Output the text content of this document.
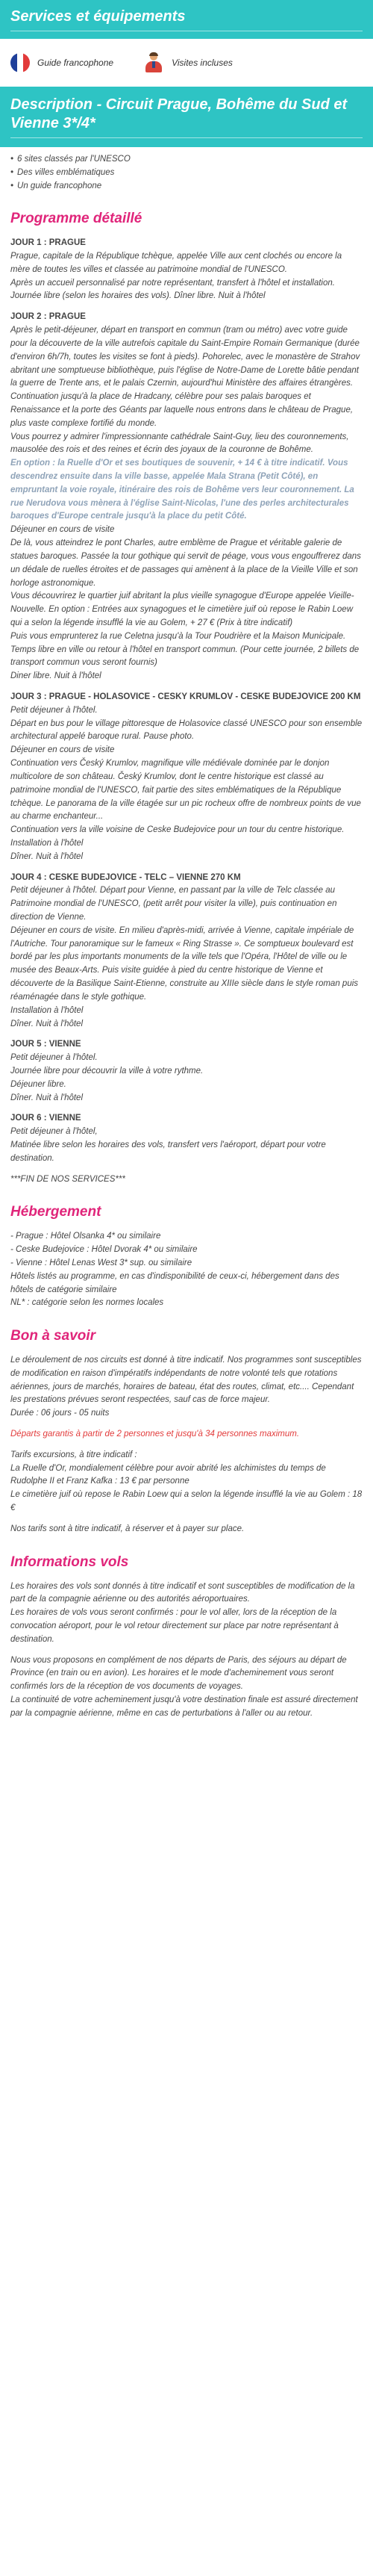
Services et équipements
Guide francophone	Visites incluses
Description - Circuit Prague, Bohême du Sud et Vienne 3*/4*
• 6 sites classés par l'UNESCO
• Des villes emblématiques
• Un guide francophone
Programme détaillé
JOUR 1 : PRAGUE
Prague, capitale de la République tchèque, appelée Ville aux cent clochés ou encore la mère de toutes les villes et classée au patrimoine mondial de l'UNESCO.
Après un accueil personnalisé par notre représentant, transfert à l'hôtel et installation. Journée libre (selon les horaires des vols). Dîner libre. Nuit à l'hôtel
JOUR 2 : PRAGUE
Après le petit-déjeuner, départ en transport en commun (tram ou métro) avec votre guide pour la découverte de la ville autrefois capitale du Saint-Empire Romain Germanique (durée d'environ 6h/7h, toutes les visites se font à pieds). Pohorelec, avec le monastère de Strahov abritant une somptueuse bibliothèque, puis l'église de Notre-Dame de Lorette bâtie pendant la guerre de Trente ans, et le palais Czernin, aujourd'hui Ministère des affaires étrangères. Continuation jusqu'à la place de Hradcany, célèbre pour ses palais baroques et Renaissance et la porte des Géants par laquelle nous entrons dans le château de Prague, plus vaste complexe fortifié du monde.
Vous pourrez y admirer l'impressionnante cathédrale Saint-Guy, lieu des couronnements, mausolée des rois et des reines et écrin des joyaux de la couronne de Bohême.
En option : la Ruelle d'Or et ses boutiques de souvenir, + 14 € à titre indicatif. Vous descendrez ensuite dans la ville basse, appelée Mala Strana (Petit Côté), en empruntant la voie royale, itinéraire des rois de Bohême vers leur couronnement. La rue Nerudova vous mènera à l'église Saint-Nicolas, l'une des perles architecturales baroques d'Europe centrale jusqu'à la place du petit Côté.
Déjeuner en cours de visite
De là, vous atteindrez le pont Charles, autre emblème de Prague et véritable galerie de statues baroques. Passée la tour gothique qui servit de péage, vous vous engouffrerez dans un dédale de ruelles étroites et de passages qui amènent à la place de la Vieille Ville et son horloge astronomique.
Vous découvrirez le quartier juif abritant la plus vieille synagogue d'Europe appelée Vieille-Nouvelle. En option : Entrées aux synagogues et le cimetière juif où repose le Rabin Loew qui a selon la légende insufflé la vie au Golem, + 27 € (Prix à titre indicatif)
Puis vous emprunterez la rue Celetna jusqu'à la Tour Poudrière et la Maison Municipale. Temps libre en ville ou retour à l'hôtel en transport commun. (Pour cette journée, 2 billets de transport commun vous seront fournis)
Diner libre. Nuit à l'hôtel
JOUR 3 : PRAGUE - HOLASOVICE - CESKY KRUMLOV - CESKE BUDEJOVICE 200 KM
Petit déjeuner à l'hôtel.
Départ en bus pour le village pittoresque de Holasovice classé UNESCO pour son ensemble architectural appelé baroque rural. Pause photo.
Déjeuner en cours de visite
Continuation vers Český Krumlov, magnifique ville médiévale dominée par le donjon multicolore de son château. Český Krumlov, dont le centre historique est classé au patrimoine mondial de l'UNESCO, fait partie des sites emblématiques de la République tchèque. Le panorama de la ville étagée sur un pic rocheux offre de nombreux points de vue au charme enchanteur...
Continuation vers la ville voisine de Ceske Budejovice pour un tour du centre historique.
Installation à l'hôtel
Dîner. Nuit à l'hôtel
JOUR 4 : CESKE BUDEJOVICE - TELC – VIENNE 270 KM
Petit déjeuner à l'hôtel. Départ pour Vienne, en passant par la ville de Telc classée au Patrimoine mondial de l'UNESCO, (petit arrêt pour visiter la ville), puis continuation en direction de Vienne.
Déjeuner en cours de visite. En milieu d'après-midi, arrivée à Vienne, capitale impériale de l'Autriche. Tour panoramique sur le fameux « Ring Strasse ». Ce somptueux boulevard est bordé par les plus importants monuments de la ville tels que l'Opéra, l'Hôtel de ville ou le musée des Beaux-Arts. Puis visite guidée à pied du centre historique de Vienne et découverte de la Basilique Saint-Etienne, construite au XIIIe siècle dans le style roman puis réaménagée dans le style gothique.
Installation à l'hôtel
Dîner. Nuit à l'hôtel
JOUR 5 : VIENNE
Petit déjeuner à l'hôtel.
Journée libre pour découvrir la ville à votre rythme.
Déjeuner libre.
Dîner. Nuit à l'hôtel
JOUR 6 : VIENNE
Petit déjeuner à l'hôtel,
Matinée libre selon les horaires des vols, transfert vers l'aéroport, départ pour votre destination.
***FIN DE NOS SERVICES***
Hébergement
- Prague : Hôtel Olsanka 4* ou similaire
- Ceske Budejovice : Hôtel Dvorak 4* ou similaire
- Vienne : Hôtel Lenas West 3* sup. ou similaire
Hôtels listés au programme, en cas d'indisponibilité de ceux-ci, hébergement dans des hôtels de catégorie similaire
NL* : catégorie selon les normes locales
Bon à savoir
Le déroulement de nos circuits est donné à titre indicatif. Nos programmes sont susceptibles de modification en raison d'impératifs indépendants de notre volonté tels que rotations aériennes, jours de marchés, horaires de bateau, état des routes, climat, etc.... Cependant les prestations prévues seront respectées, sauf cas de force majeur.
Durée : 06 jours - 05 nuits
Départs garantis à partir de 2 personnes et jusqu'à 34 personnes maximum.
Tarifs excursions, à titre indicatif :
La Ruelle d'Or, mondialement célèbre pour avoir abrité les alchimistes du temps de Rudolphe II et Franz Kafka : 13 € par personne
Le cimetière juif où repose le Rabin Loew qui a selon la légende insufflé la vie au Golem : 18 €
Nos tarifs sont à titre indicatif, à réserver et à payer sur place.
Informations vols
Les horaires des vols sont donnés à titre indicatif et sont susceptibles de modification de la part de la compagnie aérienne ou des autorités aéroportuaires.
Les horaires de vols vous seront confirmés : pour le vol aller, lors de la réception de la convocation aéroport, pour le vol retour directement sur place par notre représentant à destination.
Nous vous proposons en complément de nos départs de Paris, des séjours au départ de Province (en train ou en avion). Les horaires et le mode d'acheminement vous seront confirmés lors de la réception de vos documents de voyages.
La continuité de votre acheminement jusqu'à votre destination finale est assuré directement par la compagnie aérienne, même en cas de perturbations à l'aller ou au retour.
